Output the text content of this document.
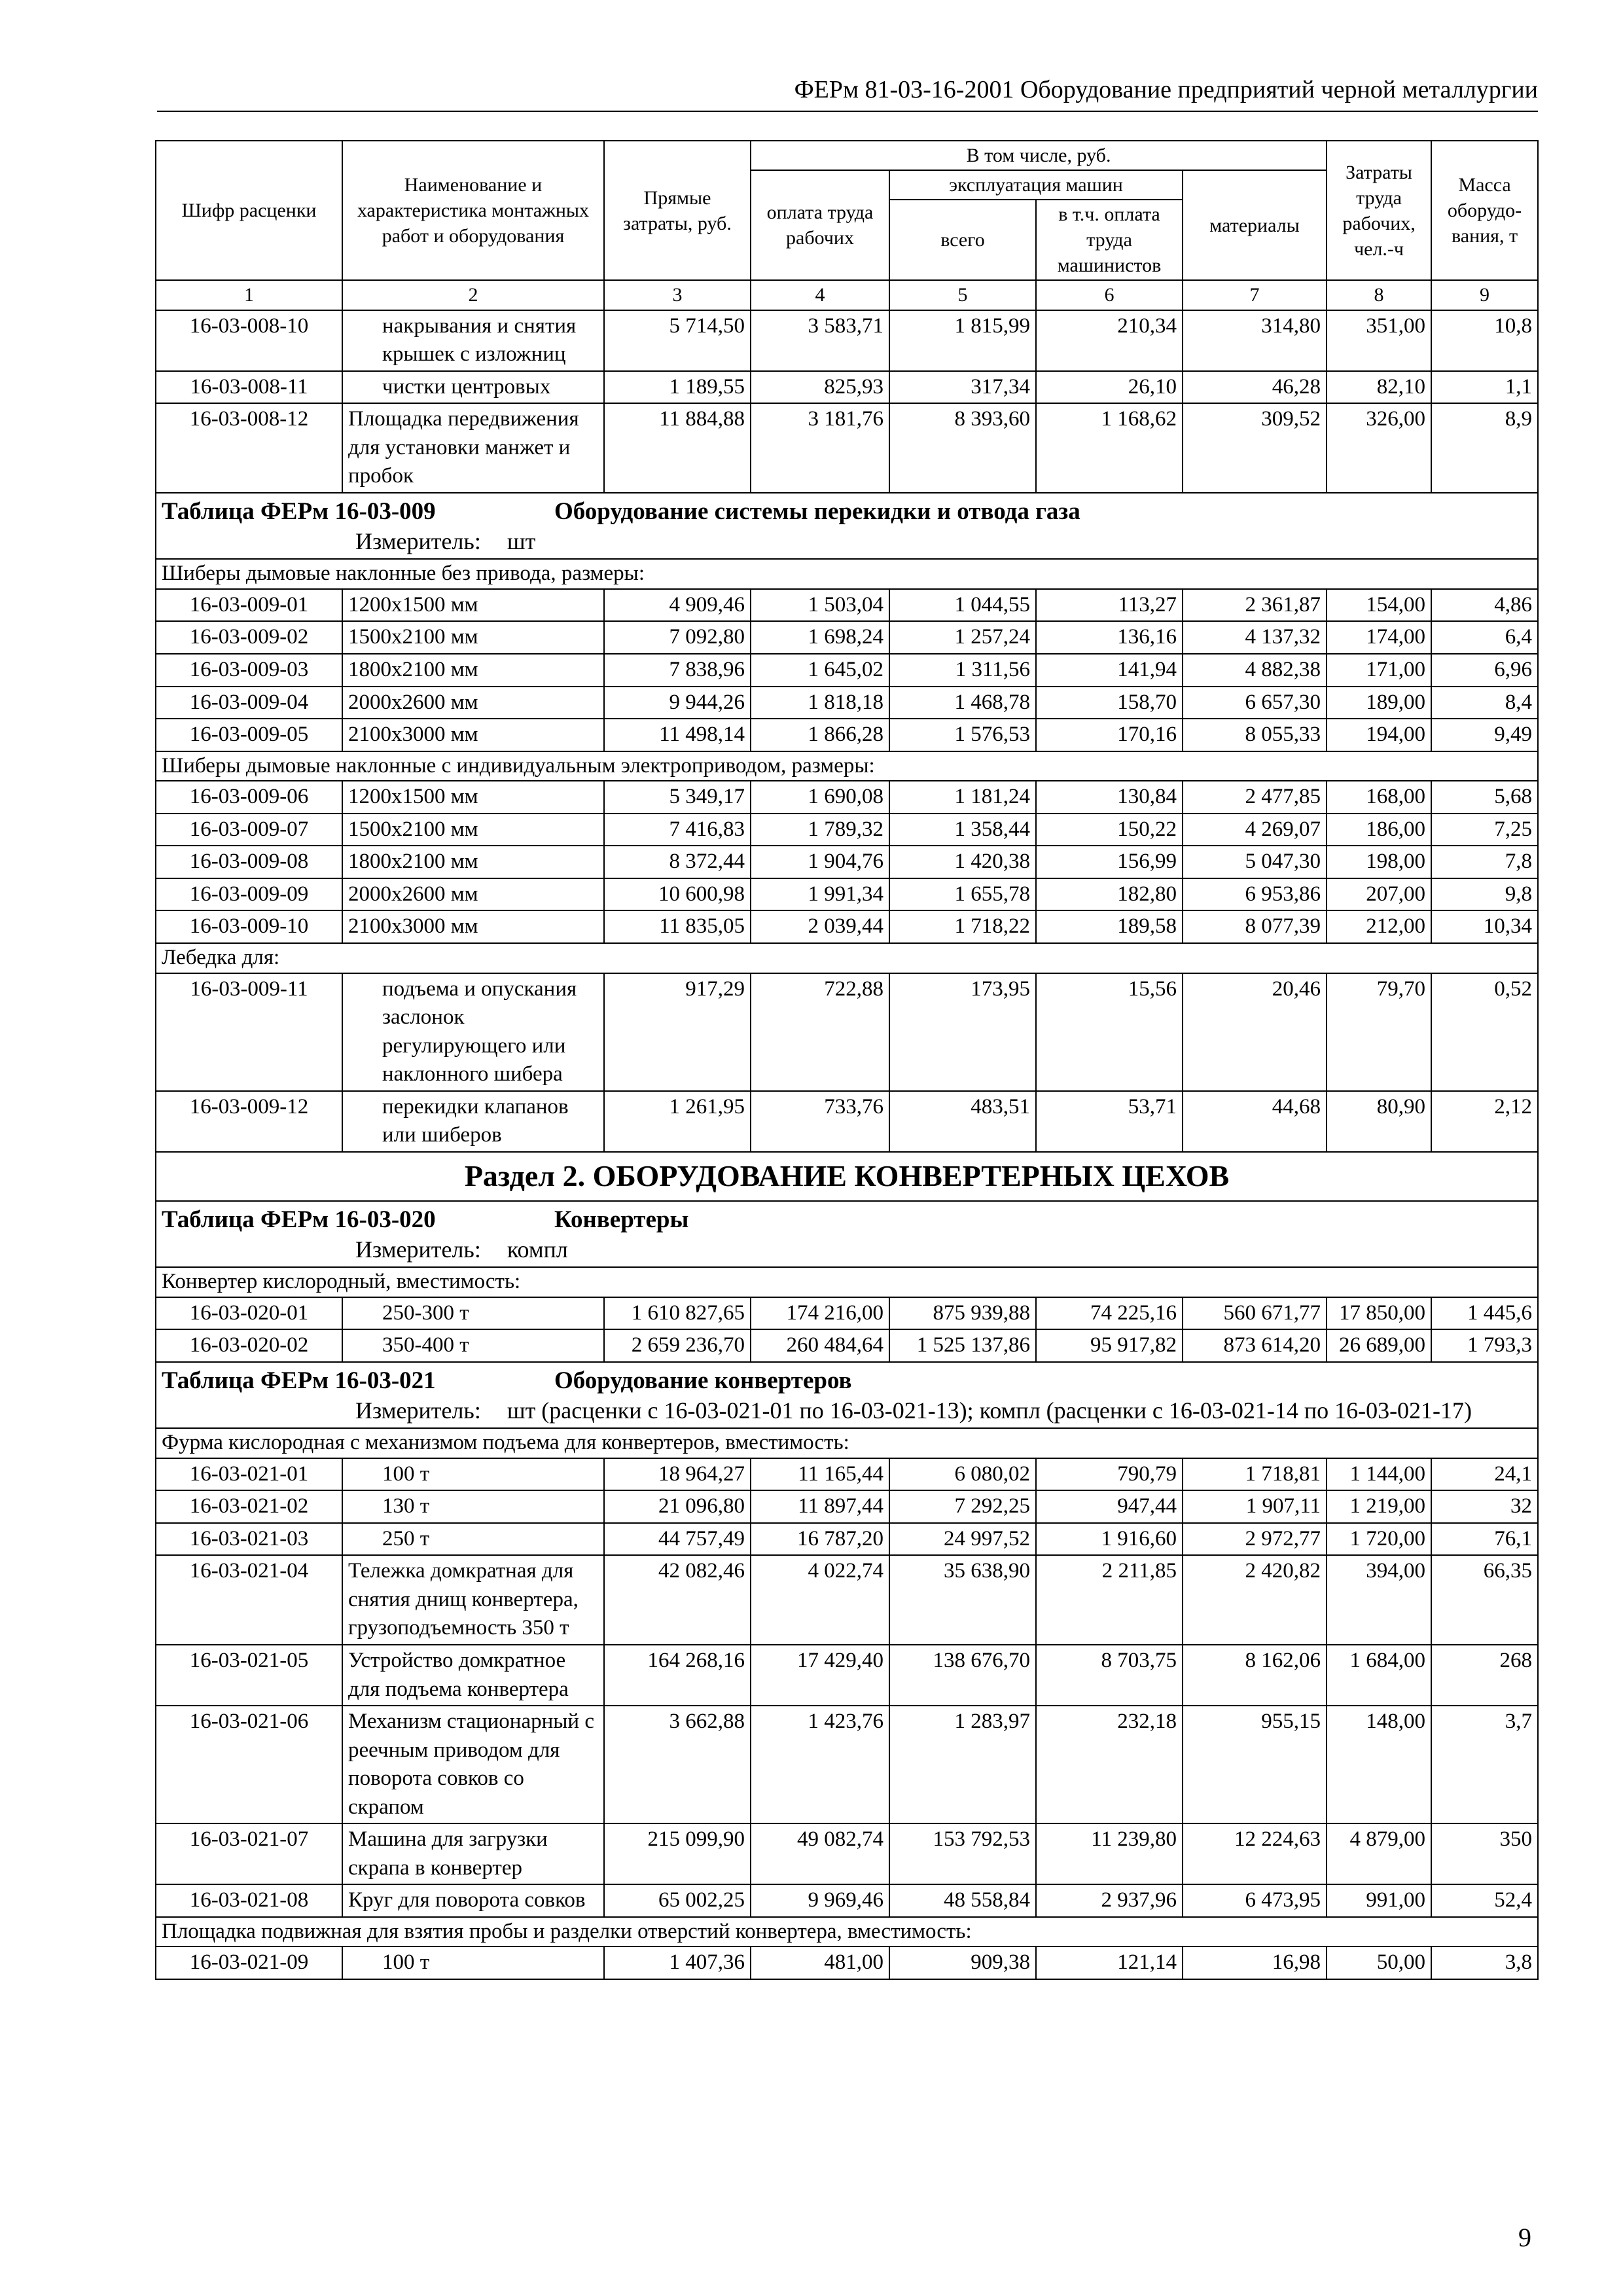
ФЕРм 81-03-16-2001 Оборудование предприятий черной металлургии
Шифр расценки	Наименование и характеристика монтажных работ и оборудования	Прямые затраты, руб.	В том числе, руб.				Затраты труда рабочих, чел.-ч	Масса оборудо-вания, т
			оплата труда рабочих	эксплуатация машин		материалы		
				всего	в т.ч. оплата труда машинистов			
1	2	3	4	5	6	7	8	9
16-03-008-10	накрывания и снятия крышек с изложниц	5 714,50	3 583,71	1 815,99	210,34	314,80	351,00	10,8
16-03-008-11	чистки центровых	1 189,55	825,93	317,34	26,10	46,28	82,10	1,1
16-03-008-12	Площадка передвижения для установки манжет и пробок	11 884,88	3 181,76	8 393,60	1 168,62	309,52	326,00	8,9

Таблица ФЕРм 16-03-009 Оборудование системы перекидки и отвода газа
Измеритель: шт								

Шиберы дымовые наклонные без привода, размеры:								
16-03-009-01	1200х1500 мм	4 909,46	1 503,04	1 044,55	113,27	2 361,87	154,00	4,86
16-03-009-02	1500х2100 мм	7 092,80	1 698,24	1 257,24	136,16	4 137,32	174,00	6,4
16-03-009-03	1800х2100 мм	7 838,96	1 645,02	1 311,56	141,94	4 882,38	171,00	6,96
16-03-009-04	2000х2600 мм	9 944,26	1 818,18	1 468,78	158,70	6 657,30	189,00	8,4
16-03-009-05	2100х3000 мм	11 498,14	1 866,28	1 576,53	170,16	8 055,33	194,00	9,49
Шиберы дымовые наклонные с индивидуальным электроприводом, размеры:								
16-03-009-06	1200х1500 мм	5 349,17	1 690,08	1 181,24	130,84	2 477,85	168,00	5,68
16-03-009-07	1500х2100 мм	7 416,83	1 789,32	1 358,44	150,22	4 269,07	186,00	7,25
16-03-009-08	1800х2100 мм	8 372,44	1 904,76	1 420,38	156,99	5 047,30	198,00	7,8
16-03-009-09	2000х2600 мм	10 600,98	1 991,34	1 655,78	182,80	6 953,86	207,00	9,8
16-03-009-10	2100х3000 мм	11 835,05	2 039,44	1 718,22	189,58	8 077,39	212,00	10,34
Лебедка для:								
16-03-009-11	подъема и опускания заслонок регулирующего или наклонного шибера	917,29	722,88	173,95	15,56	20,46	79,70	0,52
16-03-009-12	перекидки клапанов или шиберов	1 261,95	733,76	483,51	53,71	44,68	80,90	2,12
Раздел 2. ОБОРУДОВАНИЕ КОНВЕРТЕРНЫХ ЦЕХОВ								

Таблица ФЕРм 16-03-020 Конвертеры
Измеритель: компл								

Конвертер кислородный, вместимость:								
16-03-020-01	250-300 т	1 610 827,65	174 216,00	875 939,88	74 225,16	560 671,77	17 850,00	1 445,6
16-03-020-02	350-400 т	2 659 236,70	260 484,64	1 525 137,86	95 917,82	873 614,20	26 689,00	1 793,3

Таблица ФЕРм 16-03-021 Оборудование конвертеров
Измеритель: шт (расценки с 16-03-021-01 по 16-03-021-13); компл (расценки с 16-03-021-14 по 16-03-021-17)								

Фурма кислородная с механизмом подъема для конвертеров, вместимость:								
16-03-021-01	100 т	18 964,27	11 165,44	6 080,02	790,79	1 718,81	1 144,00	24,1
16-03-021-02	130 т	21 096,80	11 897,44	7 292,25	947,44	1 907,11	1 219,00	32
16-03-021-03	250 т	44 757,49	16 787,20	24 997,52	1 916,60	2 972,77	1 720,00	76,1
16-03-021-04	Тележка домкратная для снятия днищ конвертера, грузоподъемность 350 т	42 082,46	4 022,74	35 638,90	2 211,85	2 420,82	394,00	66,35
16-03-021-05	Устройство домкратное для подъема конвертера	164 268,16	17 429,40	138 676,70	8 703,75	8 162,06	1 684,00	268
16-03-021-06	Механизм стационарный с реечным приводом для поворота совков со скрапом	3 662,88	1 423,76	1 283,97	232,18	955,15	148,00	3,7
16-03-021-07	Машина для загрузки скрапа в конвертер	215 099,90	49 082,74	153 792,53	11 239,80	12 224,63	4 879,00	350
16-03-021-08	Круг для поворота совков	65 002,25	9 969,46	48 558,84	2 937,96	6 473,95	991,00	52,4
Площадка подвижная для взятия пробы и разделки отверстий конвертера, вместимость:								
16-03-021-09	100 т	1 407,36	481,00	909,38	121,14	16,98	50,00	3,8
9
